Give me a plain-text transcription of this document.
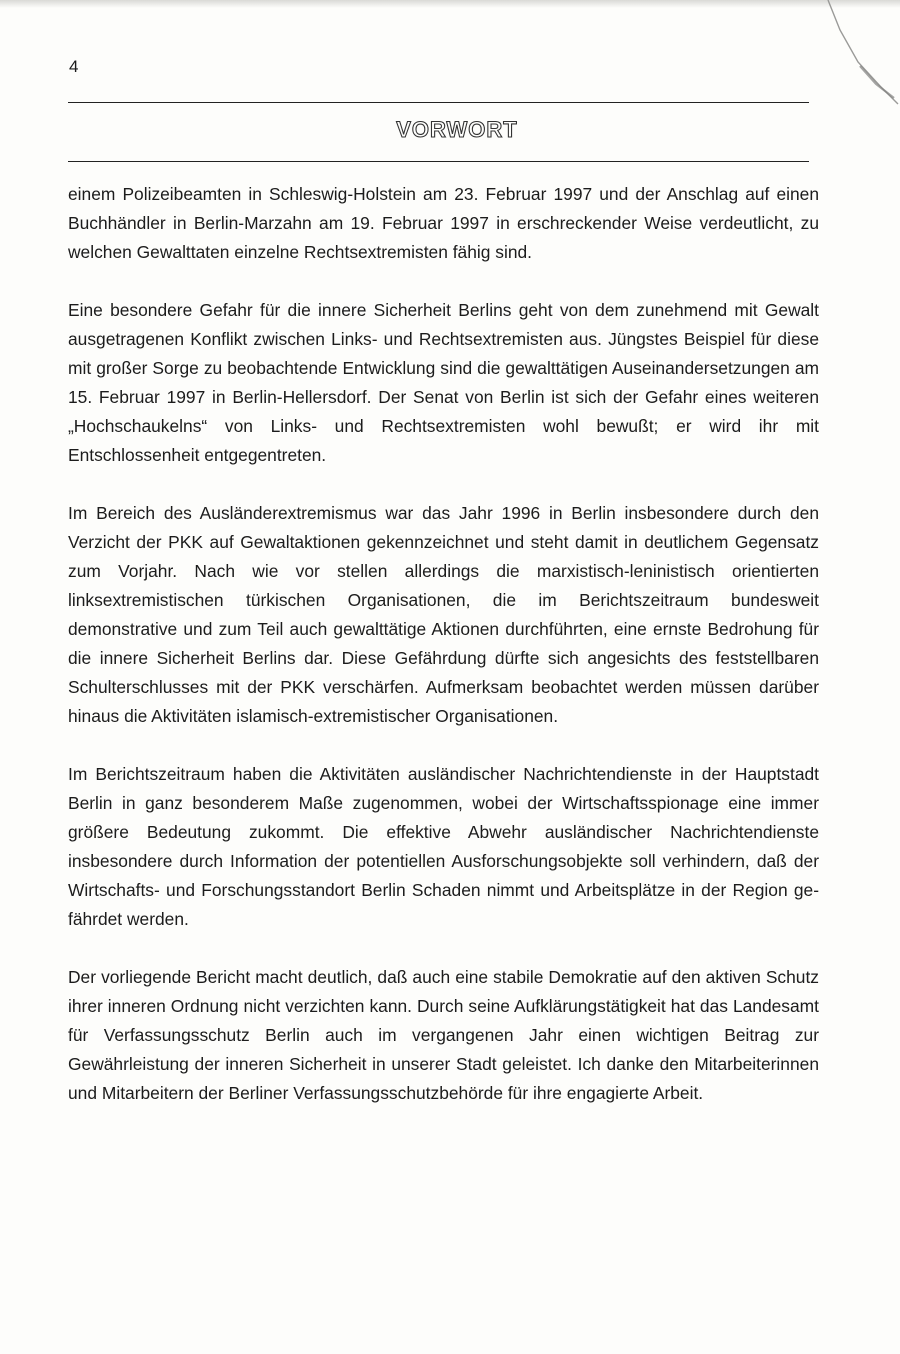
4
VORWORT

einem Polizeibeamten in Schleswig-Holstein am 23. Februar 1997 und der Anschlag auf einen Buchhändler in Berlin-Marzahn am 19. Februar 1997 in erschreckender Weise verdeutlicht, zu welchen Gewalttaten einzelne Rechtsextremisten fähig sind.

Eine besondere Gefahr für die innere Sicherheit Berlins geht von dem zunehmend mit Gewalt ausgetragenen Konflikt zwischen Links- und Rechtsextremisten aus. Jüngstes Beispiel für diese mit großer Sorge zu beobachtende Entwicklung sind die gewalttätigen Auseinandersetzungen am 15. Februar 1997 in Berlin-Hellersdorf. Der Senat von Berlin ist sich der Gefahr eines weiteren „Hochschaukelns“ von Links- und Rechtsextremisten wohl bewußt; er wird ihr mit Entschlossenheit entgegentreten.

Im Bereich des Ausländerextremismus war das Jahr 1996 in Berlin insbesondere durch den Verzicht der PKK auf Gewaltaktionen gekennzeichnet und steht damit in deutlichem Gegensatz zum Vorjahr. Nach wie vor stellen allerdings die marxistisch-leninistisch orientierten linksextremistischen türkischen Organisationen, die im Berichtszeitraum bundesweit demonstrative und zum Teil auch gewalttätige Aktionen durchführten, eine ernste Bedrohung für die innere Sicherheit Berlins dar. Diese Gefährdung dürfte sich angesichts des feststellbaren Schulterschlusses mit der PKK verschärfen. Aufmerksam beobachtet werden müssen darüber hinaus die Aktivitäten islamisch-extremistischer Organisationen.

Im Berichtszeitraum haben die Aktivitäten ausländischer Nachrichtendienste in der Hauptstadt Berlin in ganz besonderem Maße zugenommen, wobei der Wirtschaftsspionage eine immer größere Bedeutung zukommt. Die effektive Abwehr ausländischer Nachrichtendienste insbesondere durch Information der potentiellen Ausforschungsobjekte soll verhindern, daß der Wirtschafts- und Forschungsstandort Berlin Schaden nimmt und Arbeitsplätze in der Region gefährdet werden.

Der vorliegende Bericht macht deutlich, daß auch eine stabile Demokratie auf den aktiven Schutz ihrer inneren Ordnung nicht verzichten kann. Durch seine Aufklärungstätigkeit hat das Landesamt für Verfassungsschutz Berlin auch im vergangenen Jahr einen wichtigen Beitrag zur Gewährleistung der inneren Sicherheit in unserer Stadt geleistet. Ich danke den Mitarbeiterinnen und Mitarbeitern der Berliner Verfassungsschutzbehörde für ihre engagierte Arbeit.
